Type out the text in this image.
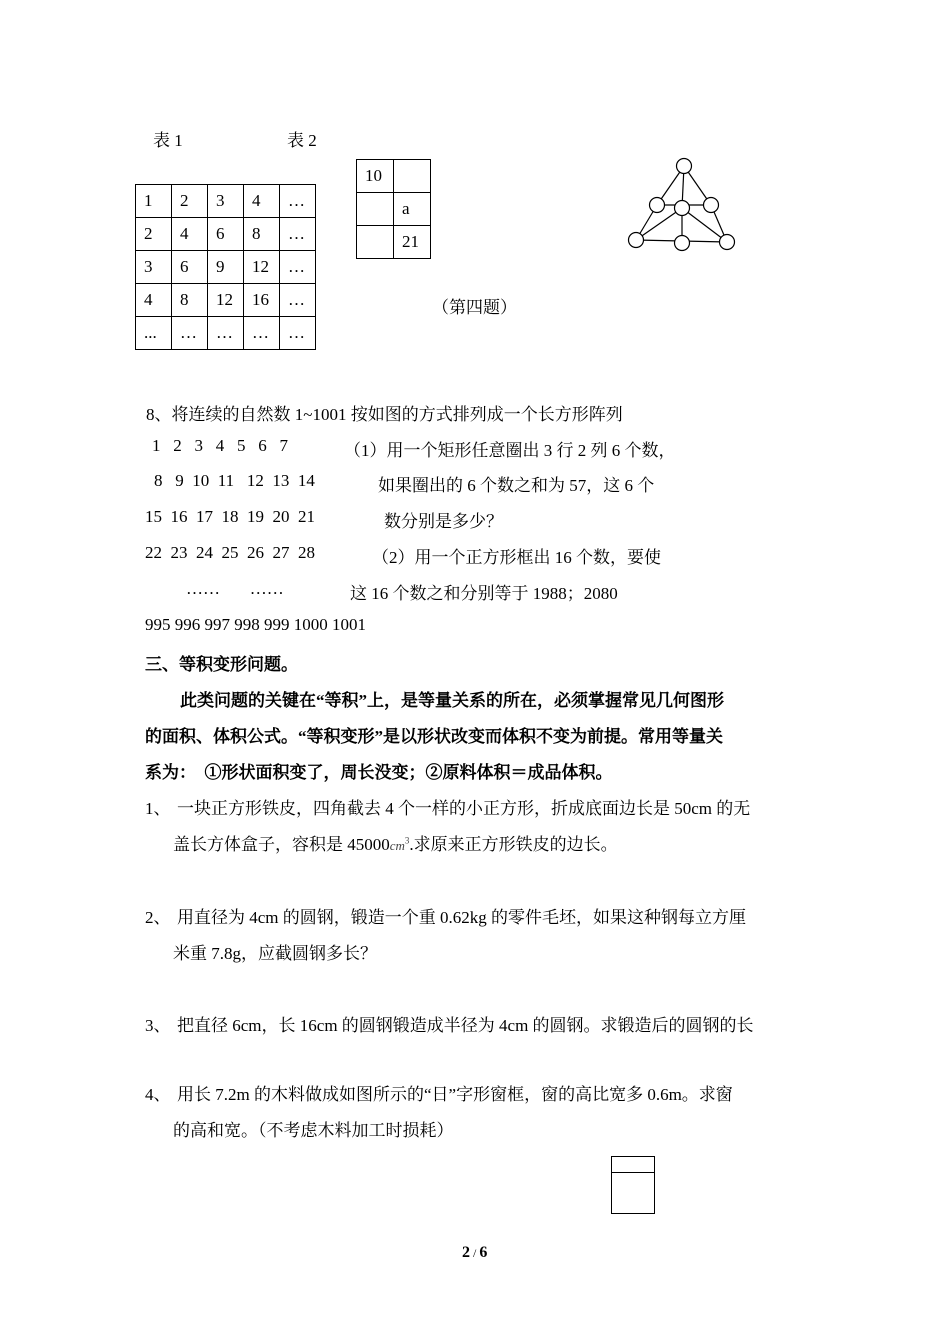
表 1	表 2
1	2	3	4	…
2	4	6	8	…
3	6	9	12	…
4	8	12	16	…
...	…	…	…	…
10	
	a
	21
（第四题）
8、将连续的自然数 1~1001 按如图的方式排列成一个长方形阵列
1   2   3   4   5   6   7
8   9  10  11   12  13  14
15  16  17  18  19  20  21
22  23  24  25  26  27  28
……       ……
995 996 997 998 999 1000 1001
（1）用一个矩形任意圈出 3 行 2 列 6 个数，
如果圈出的 6 个数之和为 57，这 6 个
数分别是多少？
（2）用一个正方形框出 16 个数，要使
这 16 个数之和分别等于 1988；2080
三、等积变形问题。
此类问题的关键在“等积”上，是等量关系的所在，必须掌握常见几何图形
的面积、体积公式。“等积变形”是以形状改变而体积不变为前提。常用等量关
系为：  ①形状面积变了，周长没变；②原料体积＝成品体积。
1、 一块正方形铁皮，四角截去 4 个一样的小正方形，折成底面边长是 50cm 的无
盖长方体盒子，容积是 $45000cm^3$.求原来正方形铁皮的边长。
2、 用直径为 4cm 的圆钢，锻造一个重 0.62kg 的零件毛坯，如果这种钢每立方厘
米重 7.8g，应截圆钢多长？
3、 把直径 6cm，长 16cm 的圆钢锻造成半径为 4cm 的圆钢。求锻造后的圆钢的长
4、 用长 7.2m 的木料做成如图所示的“日”字形窗框，窗的高比宽多 0.6m。求窗
的高和宽。（不考虑木料加工时损耗）
2 / 6
